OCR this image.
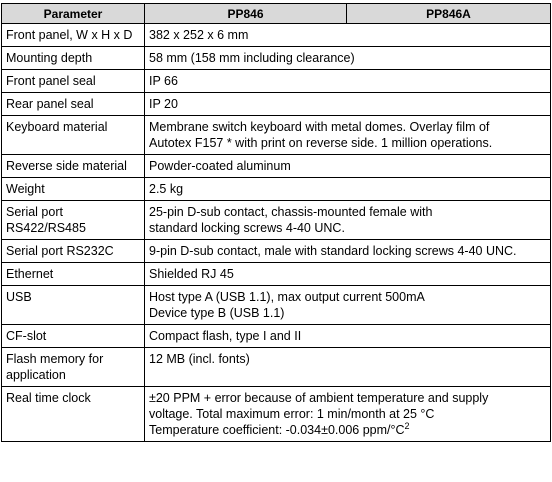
Parameter	PP846	PP846A
Front panel, W x H x D	382 x 252 x 6 mm	
Mounting depth	58 mm (158 mm including clearance)	
Front panel seal	IP 66	
Rear panel seal	IP 20	
Keyboard material	Membrane switch keyboard with metal domes. Overlay film of
Autotex F157 * with print on reverse side. 1 million operations.	
Reverse side material	Powder-coated aluminum	
Weight	2.5 kg	
Serial port
RS422/RS485	25-pin D-sub contact, chassis-mounted female with
standard locking screws 4-40 UNC.	
Serial port RS232C	9-pin D-sub contact, male with standard locking screws 4-40 UNC.	
Ethernet	Shielded RJ 45	
USB	Host type A (USB 1.1), max output current 500mA
Device type B (USB 1.1)	
CF-slot	Compact flash, type I and II	
Flash memory for
application	12 MB (incl. fonts)	
Real time clock	±20 PPM + error because of ambient temperature and supply
voltage. Total maximum error: 1 min/month at 25 °C
Temperature coefficient: -0.034±0.006 ppm/$^\circ C^2$
